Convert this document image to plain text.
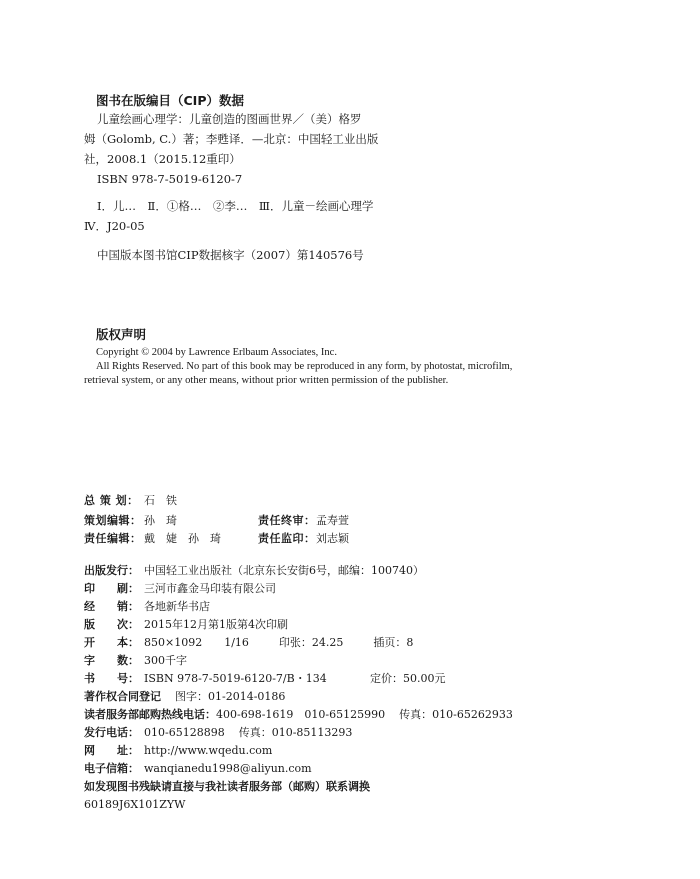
图书在版编目（CIP）数据
儿童绘画心理学：儿童创造的图画世界／（美）格罗
姆（Golomb, C.）著；李甦译．—北京：中国轻工业出版
社，2008.1（2015.12重印）
ISBN 978-7-5019-6120-7
Ⅰ．儿…　Ⅱ．①格…　②李…　Ⅲ．儿童－绘画心理学
Ⅳ．J20-05
中国版本图书馆CIP数据核字（2007）第140576号
版权声明
Copyright © 2004 by Lawrence Erlbaum Associates, Inc.
All Rights Reserved. No part of this book may be reproduced in any form, by photostat, microfilm,
retrieval system, or any other means, without prior written permission of the publisher.
总 策 划： 石　铁
策划编辑： 孙　琦	责任终审：孟寿萱
责任编辑： 戴　婕　孙　琦	责任监印：刘志颖
出版发行： 中国轻工业出版社（北京东长安街6号，邮编：100740）
印　　刷： 三河市鑫金马印装有限公司
经　　销： 各地新华书店
版　　次： 2015年12月第1版第4次印刷
开　　本： 850×1092　　1/16	印张：24.25	插页：8
字　　数： 300千字
书　　号： ISBN 978-7-5019-6120-7/B・134	定价：50.00元
著作权合同登记 图字：01-2014-0186
读者服务部邮购热线电话：400-698-1619　010-65125990 传真：010-65262933
发行电话： 010-65128898 传真：010-85113293
网　　址： http://www.wqedu.com
电子信箱： wanqianedu1998@aliyun.com
如发现图书残缺请直接与我社读者服务部（邮购）联系调换
60189J6X101ZYW
